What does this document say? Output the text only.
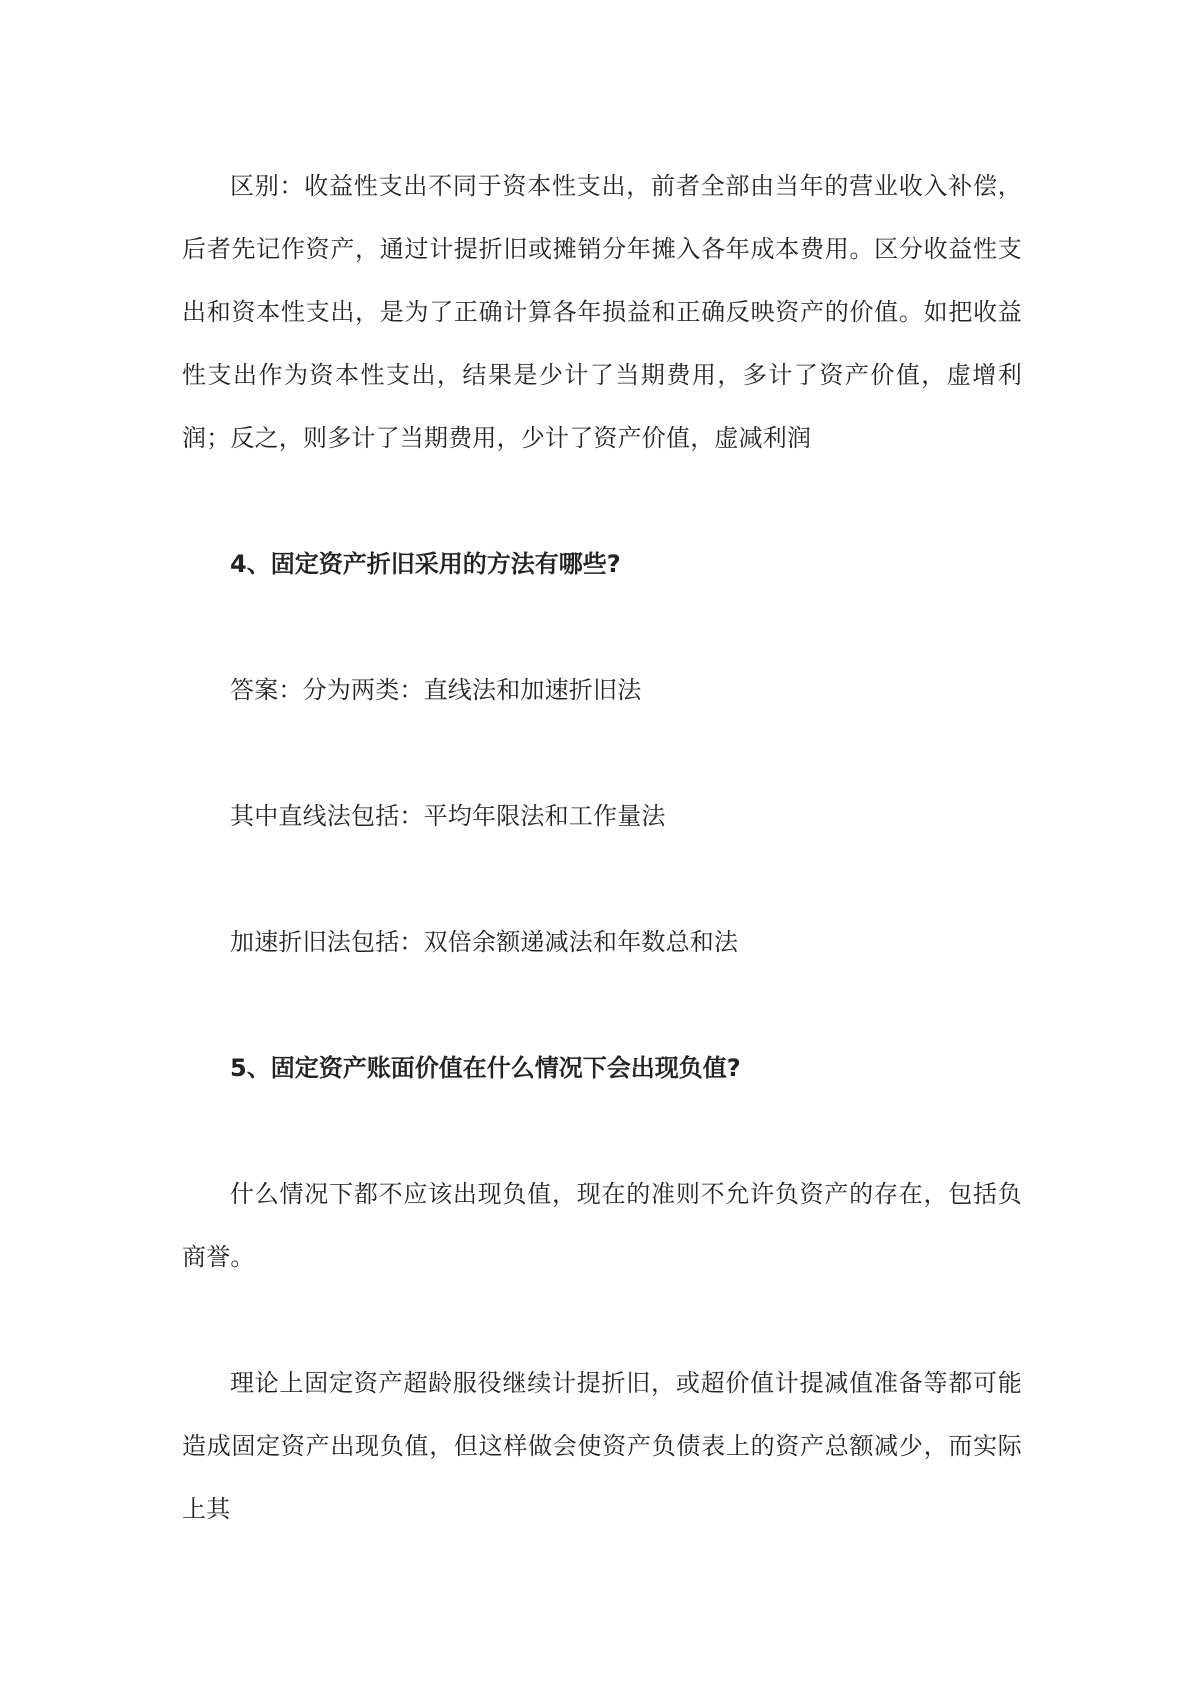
区别：收益性支出不同于资本性支出，前者全部由当年的营业收入补偿，后者先记作资产，通过计提折旧或摊销分年摊入各年成本费用。区分收益性支出和资本性支出，是为了正确计算各年损益和正确反映资产的价值。如把收益性支出作为资本性支出，结果是少计了当期费用，多计了资产价值，虚增利润；反之，则多计了当期费用，少计了资产价值，虚减利润

4、固定资产折旧采用的方法有哪些?

答案：分为两类：直线法和加速折旧法

其中直线法包括：平均年限法和工作量法

加速折旧法包括：双倍余额递减法和年数总和法

5、固定资产账面价值在什么情况下会出现负值?

什么情况下都不应该出现负值，现在的准则不允许负资产的存在，包括负商誉。

理论上固定资产超龄服役继续计提折旧，或超价值计提减值准备等都可能造成固定资产出现负值，但这样做会使资产负债表上的资产总额减少，而实际上其
